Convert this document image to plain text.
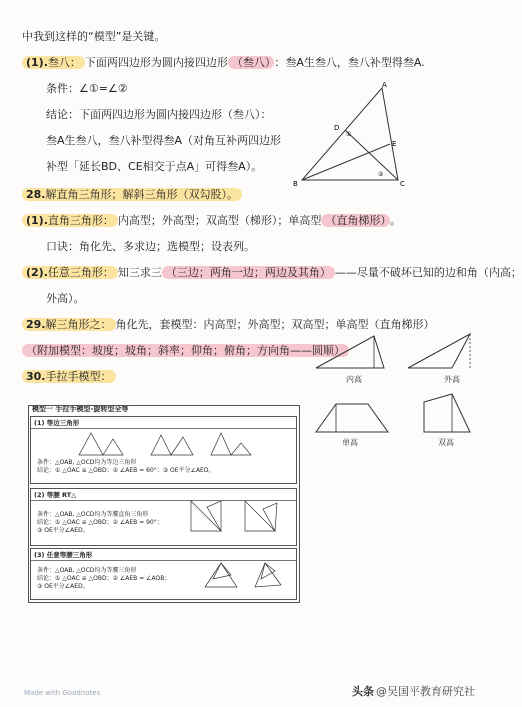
中我到这样的“模型”是关键。
(1).叁八： 下面两四边形为圆内接四边形 （叁八） ：叁A生叁八，叁八补型得叁A.
条件：∠①=∠②
结论：下面两四边形为圆内接四边形（叁八）：
叁A生叁八，叁八补型得叁A（对角互补两四边形
补型「延长BD、CE相交于点A」可得叁A）。
A
B	C
D
E
①
②
28.解直角三角形；解斜三角形（双勾股）。
(1).直角三角形： 内高型；外高型；双高型（梯形）；单高型 （直角梯形） 。
口诀：角化先、多求边；选模型；设表列。
(2).任意三角形： 知三求三 （三边；两角一边；两边及其角） ——尽量不破坏已知的边和角（内高；
外高）。
29.解三角形之： 角化先，套模型：内高型；外高型；双高型；单高型（直角梯形）
（附加模型：坡度；坡角；斜率；仰角；俯角；方向角——圆顺）
30.手拉手模型：	内高	外高
单高	双高
模型一 手拉手模型-旋转型全等
(1) 等边三角形
条件：△OAB, △OCD均为等边三角形
结论：① △OAC ≌ △OBD；② ∠AEB = 60°；③ OE平分∠AED。
(2) 等腰 RT△
条件：△OAB, △OCD均为等腰直角三角形
结论：① △OAC ≌ △OBD；② ∠AEB = 90°；
③ OE平分∠AED。
(3) 任意等腰三角形
条件：△OAB, △OCD均为等腰三角形
结论：① △OAC ≌ △OBD；② ∠AEB = ∠AOB；
③ OE平分∠AED。
Made with Goodnotes	头条 @吴国平教育研究社
